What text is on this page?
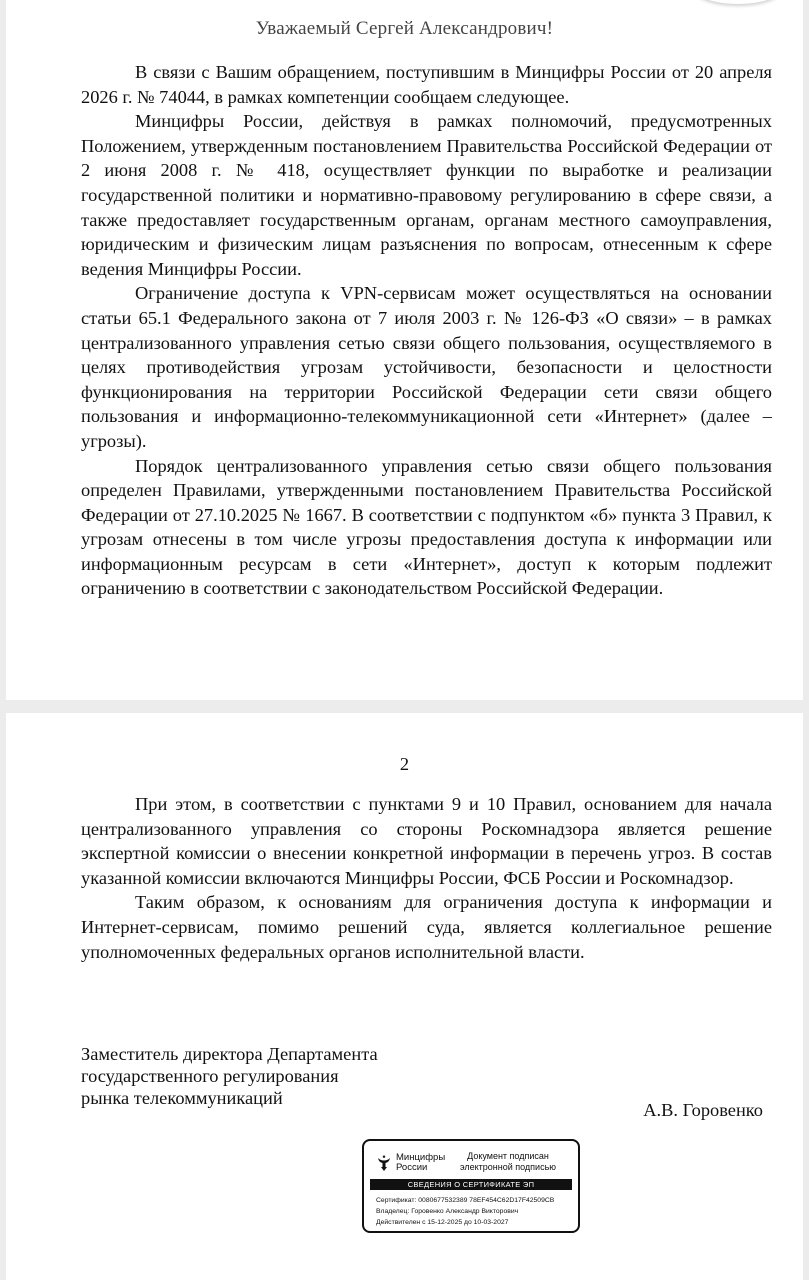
Уважаемый Сергей Александрович!

В связи с Вашим обращением, поступившим в Минцифры России от 20 апреля 2026 г. № 74044, в рамках компетенции сообщаем следующее.

Минцифры России, действуя в рамках полномочий, предусмотренных Положением, утвержденным постановлением Правительства Российской Федерации от 2 июня 2008 г. № 418, осуществляет функции по выработке и реализации государственной политики и нормативно-правовому регулированию в сфере связи, а также предоставляет государственным органам, органам местного самоуправления, юридическим и физическим лицам разъяснения по вопросам, отнесенным к сфере ведения Минцифры России.

Ограничение доступа к VPN-сервисам может осуществляться на основании статьи 65.1 Федерального закона от 7 июля 2003 г. № 126-ФЗ «О связи» – в рамках централизованного управления сетью связи общего пользования, осуществляемого в целях противодействия угрозам устойчивости, безопасности и целостности функционирования на территории Российской Федерации сети связи общего пользования и информационно-телекоммуникационной сети «Интернет» (далее – угрозы).

Порядок централизованного управления сетью связи общего пользования определен Правилами, утвержденными постановлением Правительства Российской Федерации от 27.10.2025 № 1667. В соответствии с подпунктом «б» пункта 3 Правил, к угрозам отнесены в том числе угрозы предоставления доступа к информации или информационным ресурсам в сети «Интернет», доступ к которым подлежит ограничению в соответствии с законодательством Российской Федерации.

2

При этом, в соответствии с пунктами 9 и 10 Правил, основанием для начала централизованного управления со стороны Роскомнадзора является решение экспертной комиссии о внесении конкретной информации в перечень угроз. В состав указанной комиссии включаются Минцифры России, ФСБ России и Роскомнадзор.

Таким образом, к основаниям для ограничения доступа к информации и Интернет-сервисам, помимо решений суда, является коллегиальное решение уполномоченных федеральных органов исполнительной власти.

Заместитель директора Департамента
государственного регулирования
рынка телекоммуникаций
А.В. Горовенко
Минцифры
России
Документ подписан
электронной подписью
СВЕДЕНИЯ О СЕРТИФИКАТЕ ЭП
Сертификат: 0080677532389 78EF454C62D17F42509CB
Владелец: Горовенко Александр Викторович
Действителен с 15-12-2025 до 10-03-2027
